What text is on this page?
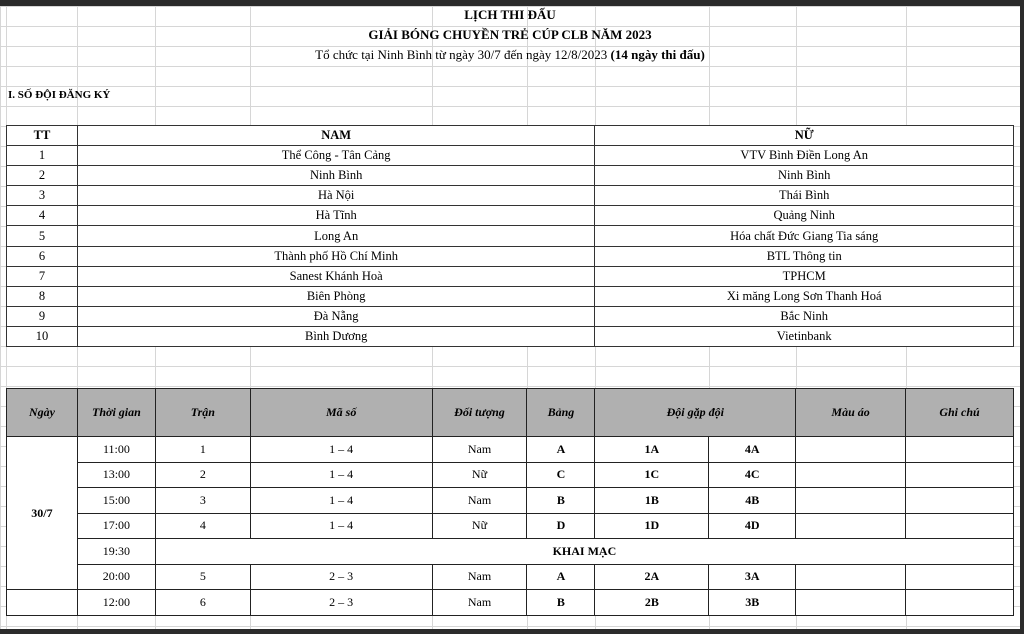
LỊCH THI ĐẤU
GIẢI BÓNG CHUYỀN TRẺ CÚP CLB NĂM 2023
Tổ chức tại Ninh Bình từ ngày 30/7 đến ngày 12/8/2023 (14 ngày thi đấu)
I. SỐ ĐỘI ĐĂNG KÝ
TT	NAM	NỮ
1	Thể Công - Tân Cảng	VTV Bình Điền Long An
2	Ninh Bình	Ninh Bình
3	Hà Nội	Thái Bình
4	Hà Tĩnh	Quảng Ninh
5	Long An	Hóa chất Đức Giang Tia sáng
6	Thành phố Hồ Chí Minh	BTL Thông tin
7	Sanest Khánh Hoà	TPHCM
8	Biên Phòng	Xi măng Long Sơn Thanh Hoá
9	Đà Nẵng	Bắc Ninh
10	Bình Dương	Vietinbank
Ngày	Thời gian	Trận	Mã số	Đối tượng	Bảng	Đội gặp đội		Màu áo	Ghi chú
30/7	11:00	1	1 – 4	Nam	A	1A	4A		
	13:00	2	1 – 4	Nữ	C	1C	4C		
	15:00	3	1 – 4	Nam	B	1B	4B		
	17:00	4	1 – 4	Nữ	D	1D	4D		
	19:30	KHAI MẠC							
	20:00	5	2 – 3	Nam	A	2A	3A		
	12:00	6	2 – 3	Nam	B	2B	3B		
